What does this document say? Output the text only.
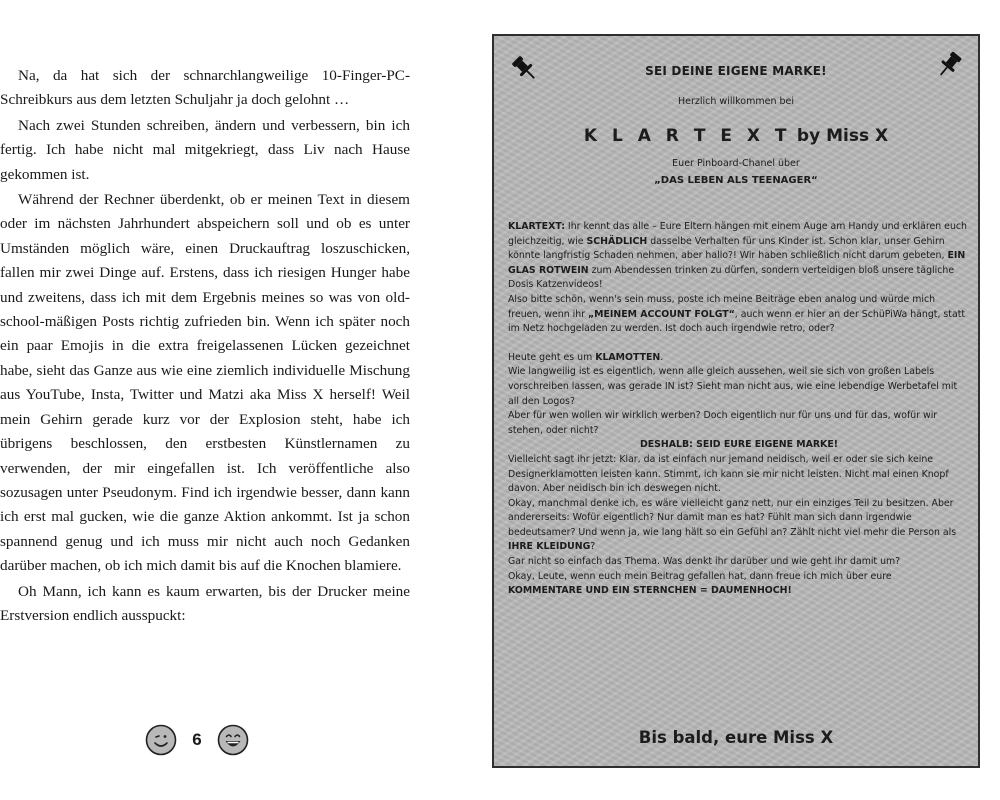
Na, da hat sich der schnarchlangweilige 10-Finger-PC-Schreibkurs aus dem letzten Schuljahr ja doch gelohnt …

Nach zwei Stunden schreiben, ändern und verbessern, bin ich fertig. Ich habe nicht mal mitgekriegt, dass Liv nach Hause gekommen ist.

Während der Rechner überdenkt, ob er meinen Text in diesem oder im nächsten Jahrhundert abspeichern soll und ob es unter Umständen möglich wäre, einen Druckauftrag loszuschicken, fallen mir zwei Dinge auf. Erstens, dass ich riesigen Hunger habe und zweitens, dass ich mit dem Ergebnis meines so was von old-school-mäßigen Posts richtig zufrieden bin. Wenn ich später noch ein paar Emojis in die extra freigelassenen Lücken gezeichnet habe, sieht das Ganze aus wie eine ziemlich individuelle Mischung aus YouTube, Insta, Twitter und Matzi aka Miss X herself! Weil mein Gehirn gerade kurz vor der Explosion steht, habe ich übrigens beschlossen, den erstbesten Künstlernamen zu verwenden, der mir eingefallen ist. Ich veröffentliche also sozusagen unter Pseudonym. Find ich irgendwie besser, dann kann ich erst mal gucken, wie die ganze Aktion ankommt. Ist ja schon spannend genug und ich muss mir nicht auch noch Gedanken darüber machen, ob ich mich damit bis auf die Knochen blamiere.

Oh Mann, ich kann es kaum erwarten, bis der Drucker meine Erstversion endlich ausspuckt:

6
SEI DEINE EIGENE MARKE!
Herzlich willkommen bei
K L A R T E X T by Miss X
Euer Pinboard-Chanel über
„DAS LEBEN ALS TEENAGER“

KLARTEXT: Ihr kennt das alle – Eure Eltern hängen mit einem Auge am Handy und erklären euch gleichzeitig, wie SCHÄDLICH dasselbe Verhalten für uns Kinder ist. Schon klar, unser Gehirn könnte langfristig Schaden nehmen, aber hallo?! Wir haben schließlich nicht darum gebeten, EIN GLAS ROTWEIN zum Abendessen trinken zu dürfen, sondern verteidigen bloß unsere tägliche Dosis Katzenvideos!

Also bitte schön, wenn's sein muss, poste ich meine Beiträge eben analog und würde mich freuen, wenn ihr „MEINEM ACCOUNT FOLGT“, auch wenn er hier an der SchüPiWa hängt, statt im Netz hochgeladen zu werden. Ist doch auch irgendwie retro, oder?

Heute geht es um KLAMOTTEN.

Wie langweilig ist es eigentlich, wenn alle gleich aussehen, weil sie sich von großen Labels vorschreiben lassen, was gerade IN ist? Sieht man nicht aus, wie eine lebendige Werbetafel mit all den Logos?

Aber für wen wollen wir wirklich werben? Doch eigentlich nur für uns und für das, wofür wir stehen, oder nicht?

DESHALB: SEID EURE EIGENE MARKE!

Vielleicht sagt ihr jetzt: Klar, da ist einfach nur jemand neidisch, weil er oder sie sich keine Designerklamotten leisten kann. Stimmt, ich kann sie mir nicht leisten. Nicht mal einen Knopf davon. Aber neidisch bin ich deswegen nicht.

Okay, manchmal denke ich, es wäre vielleicht ganz nett, nur ein einziges Teil zu besitzen. Aber andererseits: Wofür eigentlich? Nur damit man es hat? Fühlt man sich dann irgendwie bedeutsamer? Und wenn ja, wie lang hält so ein Gefühl an? Zählt nicht viel mehr die Person als IHRE KLEIDUNG?

Gar nicht so einfach das Thema. Was denkt ihr darüber und wie geht ihr damit um?

Okay, Leute, wenn euch mein Beitrag gefallen hat, dann freue ich mich über eure

KOMMENTARE UND EIN STERNCHEN = DAUMENHOCH!

Bis bald, eure Miss X
